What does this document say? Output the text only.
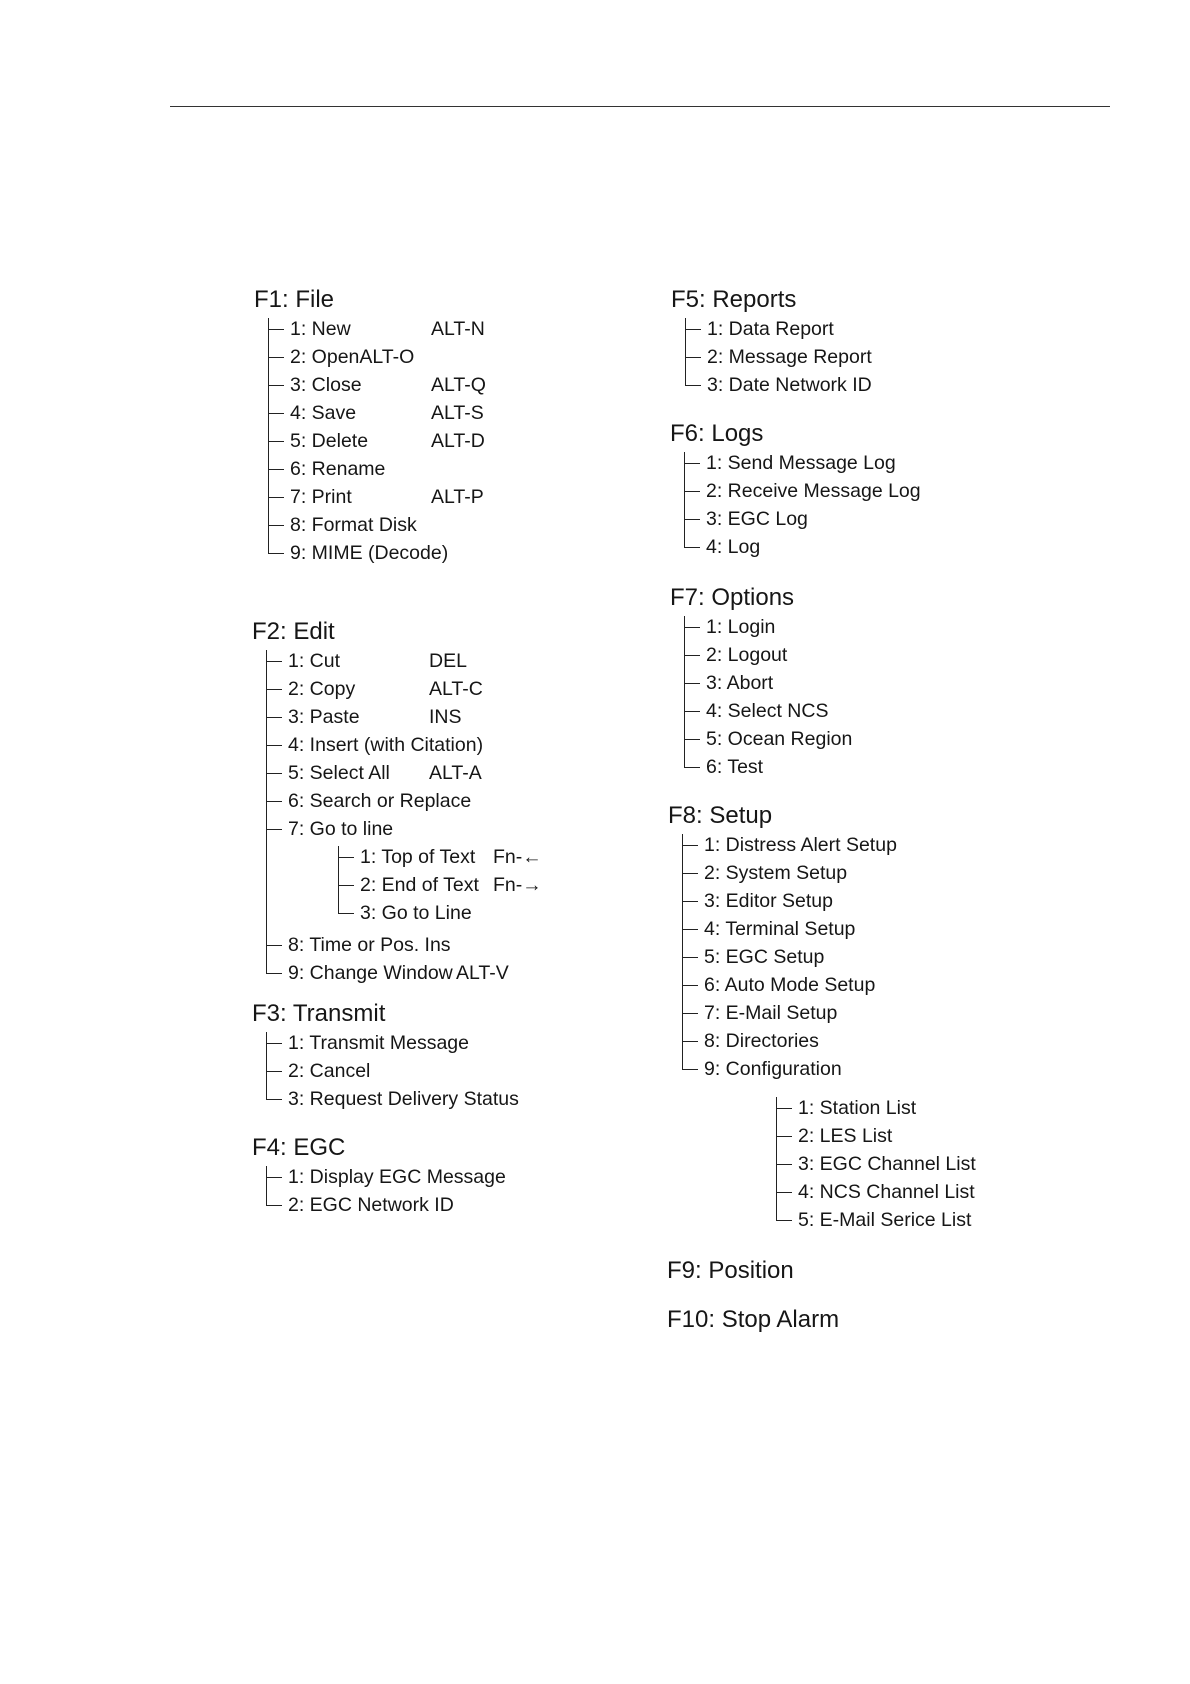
F1: File
1: New	ALT-N
2: OpenALT-O
3: Close	ALT-Q
4: Save	ALT-S
5: Delete	ALT-D
6: Rename
7: Print	ALT-P
8: Format Disk
9: MIME (Decode)
F2: Edit
1: Cut	DEL
2: Copy	ALT-C
3: Paste	INS
4: Insert (with Citation)
5: Select All ALT-A
6: Search or Replace
7: Go to line
1: Top of Text Fn-←
2: End of Text Fn-→
3: Go to Line
8: Time or Pos. Ins
9: Change Window ALT-V
F3: Transmit
1: Transmit Message
2: Cancel
3: Request Delivery Status
F4: EGC
1: Display EGC Message
2: EGC Network ID
F5: Reports
1: Data Report
2: Message Report
3: Date Network ID
F6: Logs
1: Send Message Log
2: Receive Message Log
3: EGC Log
4: Log
F7: Options
1: Login
2: Logout
3: Abort
4: Select NCS
5: Ocean Region
6: Test
F8: Setup
1: Distress Alert Setup
2: System Setup
3: Editor Setup
4: Terminal Setup
5: EGC Setup
6: Auto Mode Setup
7: E-Mail Setup
8: Directories
9: Configuration
1: Station List
2: LES List
3: EGC Channel List
4: NCS Channel List
5: E-Mail Serice List
F9: Position
F10: Stop Alarm
